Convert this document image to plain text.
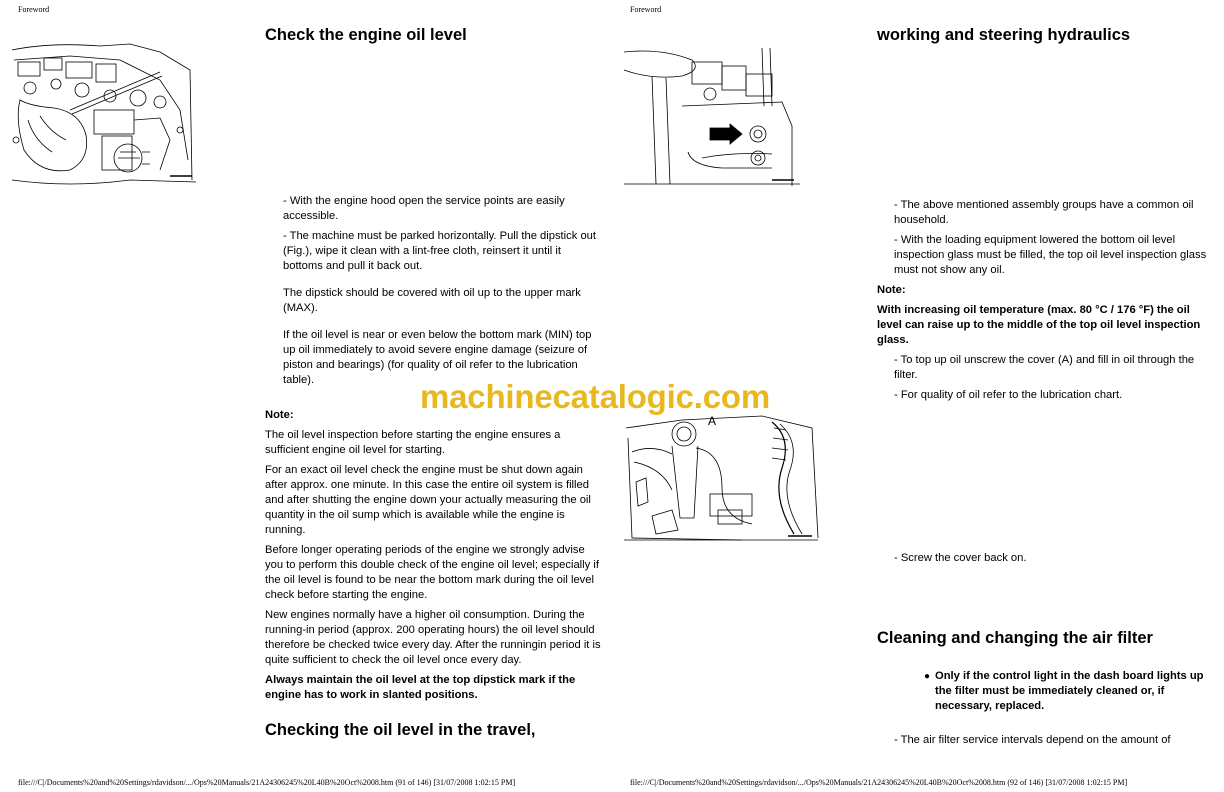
Foreword
Check the engine oil level

- With the engine hood open the service points are easily accessible.

- The machine must be parked horizontally. Pull the dipstick out (Fig.), wipe it clean with a lint-free cloth, reinsert it until it bottoms and pull it back out.

The dipstick should be covered with oil up to the upper mark (MAX).

If the oil level is near or even below the bottom mark (MIN) top up oil immediately to avoid severe engine damage (seizure of piston and bearings) (for quality of oil refer to the lubrication table).

Note:

The oil level inspection before starting the engine ensures a sufficient engine oil level for starting.

For an exact oil level check the engine must be shut down again after approx. one minute. In this case the entire oil system is filled and after shutting the engine down your actually measuring the oil quantity in the oil sump which is available while the engine is running.

Before longer operating periods of the engine we strongly advise you to perform this double check of the engine oil level; especially if the oil level is found to be near the bottom mark during the oil level check before starting the engine.

New engines normally have a higher oil consumption. During the running-in period (approx. 200 operating hours) the oil level should therefore be checked twice every day. After the runningin period it is quite sufficient to check the oil level once every day.

Always maintain the oil level at the top dipstick mark if the engine has to work in slanted positions.

Checking the oil level in the travel,
file:///C|/Documents%20and%20Settings/rdavidson/.../Ops%20Manuals/21A24306245%20L40B%20Oct%2008.htm (91 of 146) [31/07/2008 1:02:15 PM]
Foreword
A
working and steering hydraulics

- The above mentioned assembly groups have a common oil household.

- With the loading equipment lowered the bottom oil level inspection glass must be filled, the top oil level inspection glass must not show any oil.

Note:

With increasing oil temperature (max. 80 °C / 176 °F) the oil level can raise up to the middle of the top oil level inspection glass.

- To top up oil unscrew the cover (A) and fill in oil through the filter.

- For quality of oil refer to the lubrication chart.

- Screw the cover back on.
Cleaning and changing the air filter
● Only if the control light in the dash board lights up the filter must be immediately cleaned or, if necessary, replaced.
- The air filter service intervals depend on the amount of
file:///C|/Documents%20and%20Settings/rdavidson/.../Ops%20Manuals/21A24306245%20L40B%20Oct%2008.htm (92 of 146) [31/07/2008 1:02:15 PM]
machinecatalogic.com
